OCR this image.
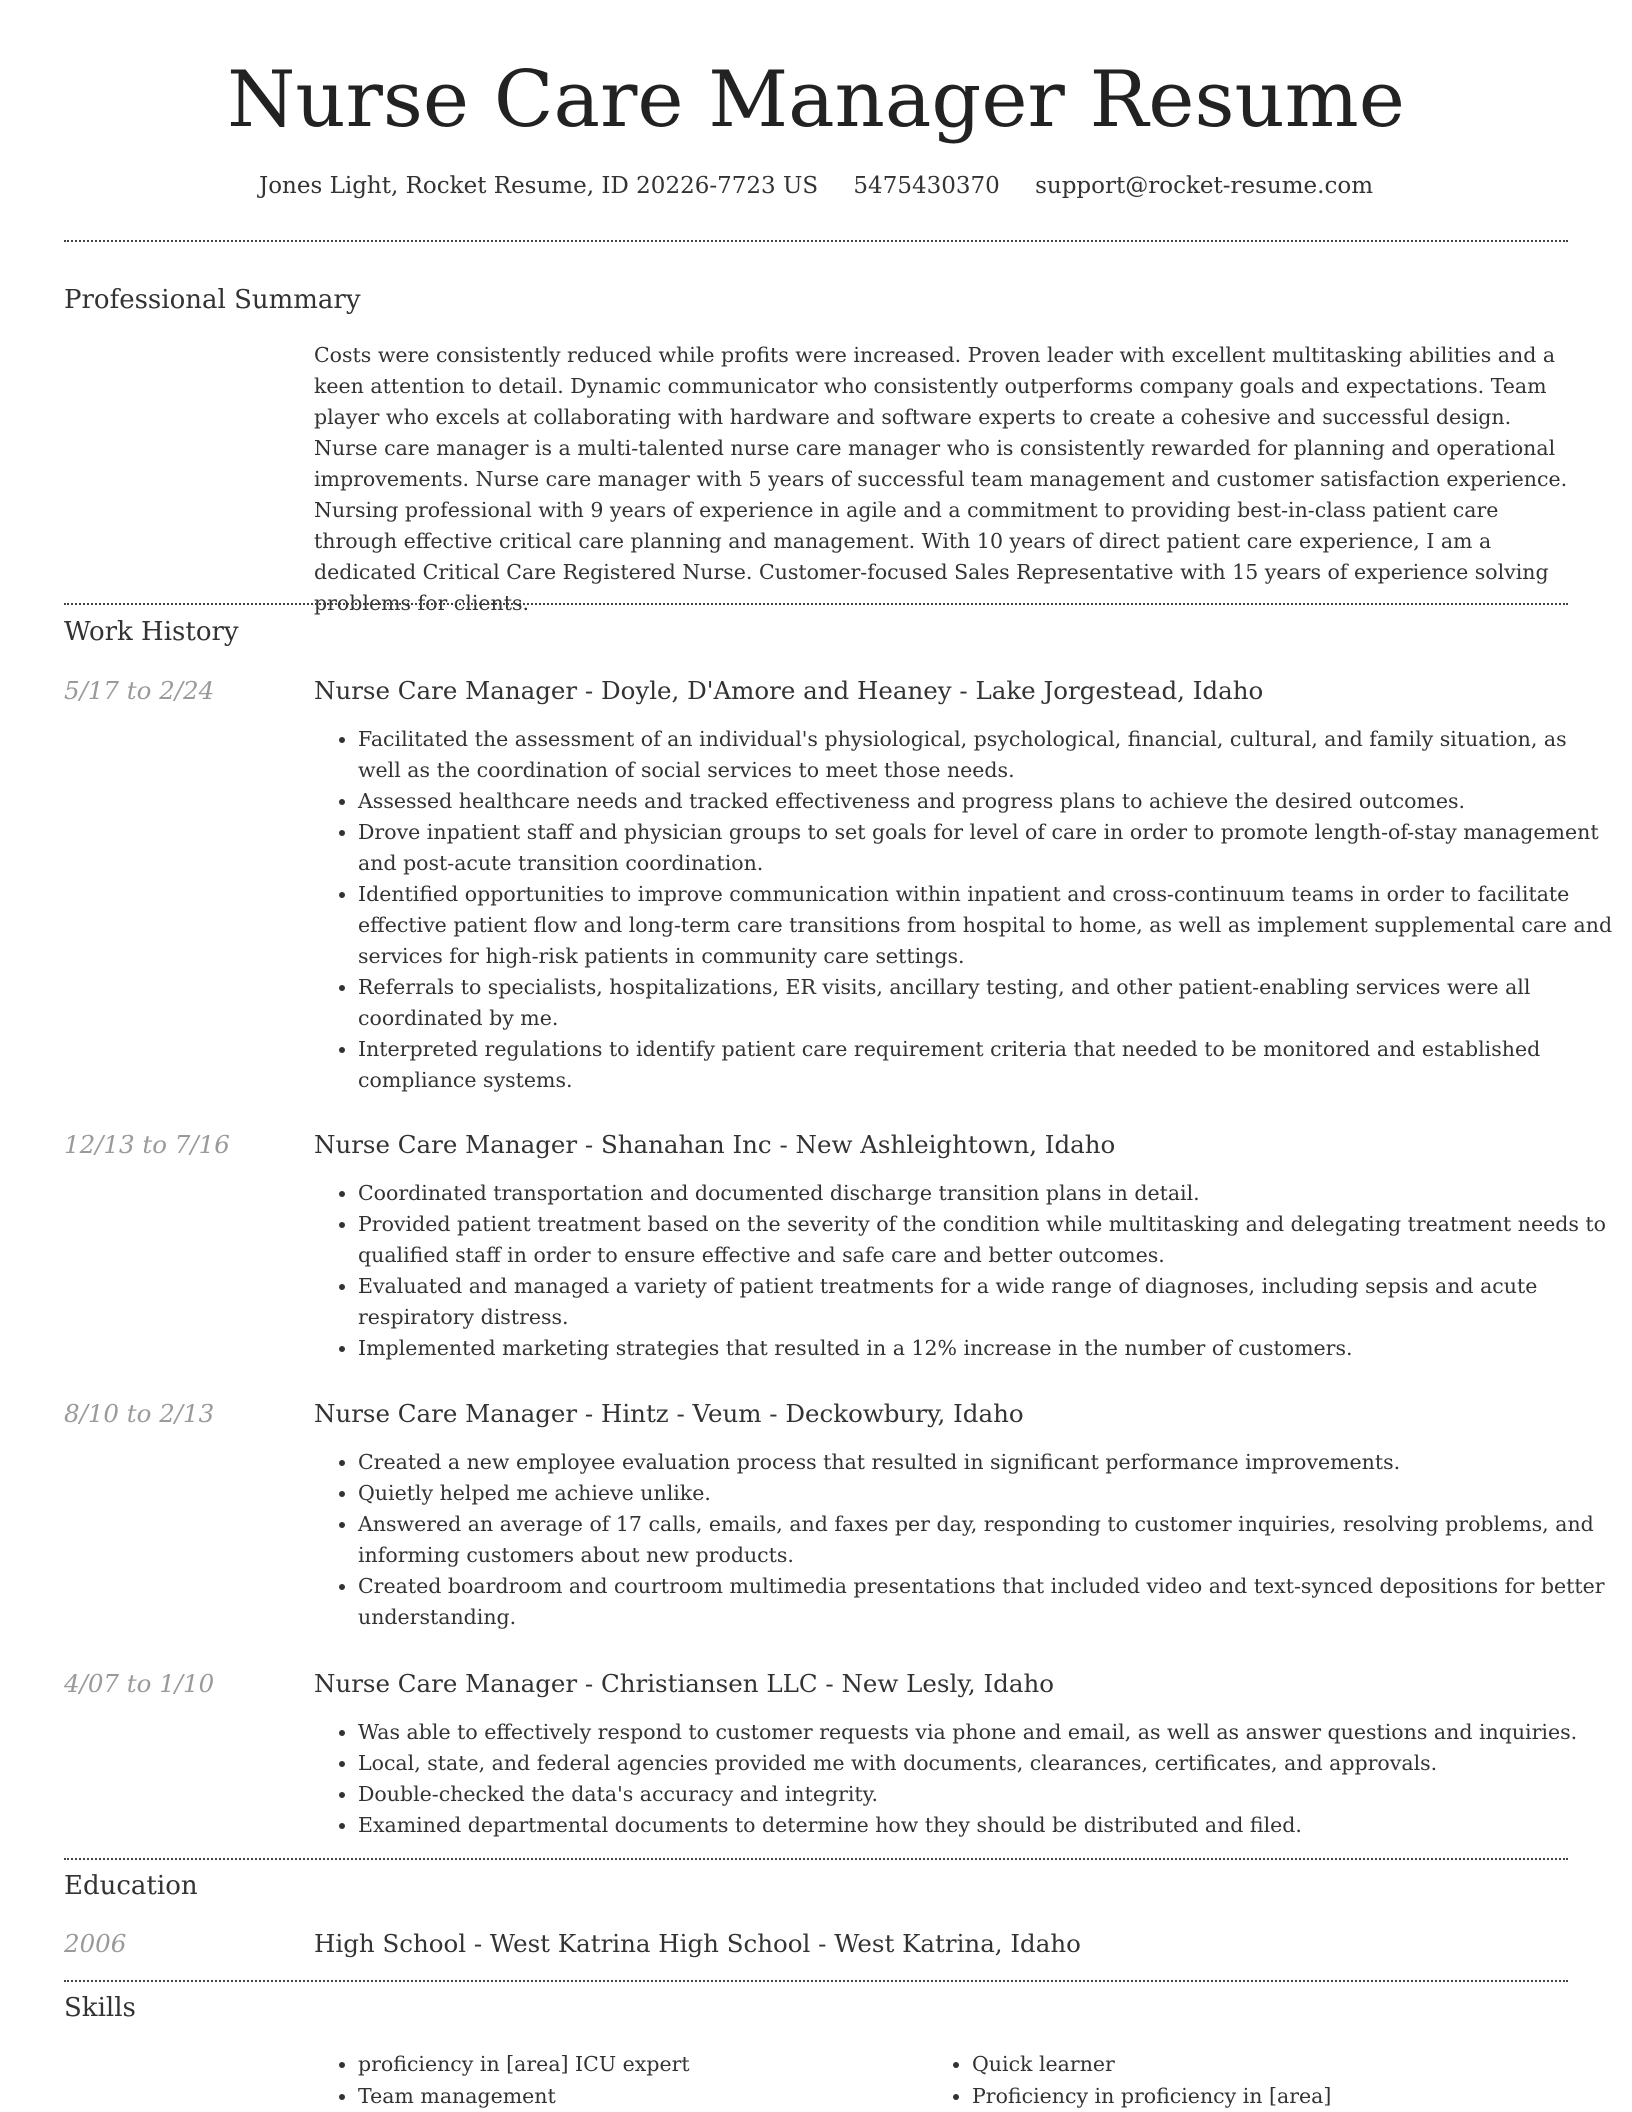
Nurse Care Manager Resume
Jones Light, Rocket Resume, ID 20226-7723 US 5475430370 support@rocket-resume.com
Professional Summary

Costs were consistently reduced while profits were increased. Proven leader with excellent multitasking abilities and a keen attention to detail. Dynamic communicator who consistently outperforms company goals and expectations. Team player who excels at collaborating with hardware and software experts to create a cohesive and successful design. Nurse care manager is a multi-talented nurse care manager who is consistently rewarded for planning and operational improvements. Nurse care manager with 5 years of successful team management and customer satisfaction experience. Nursing professional with 9 years of experience in agile and a commitment to providing best-in-class patient care through effective critical care planning and management. With 10 years of direct patient care experience, I am a dedicated Critical Care Registered Nurse. Customer-focused Sales Representative with 15 years of experience solving problems for clients.

Work History
5/17 to 2/24	Nurse Care Manager - Doyle, D'Amore and Heaney - Lake Jorgestead, Idaho
• Facilitated the assessment of an individual's physiological, psychological, financial, cultural, and family situation, as well as the coordination of social services to meet those needs.
• Assessed healthcare needs and tracked effectiveness and progress plans to achieve the desired outcomes.
• Drove inpatient staff and physician groups to set goals for level of care in order to promote length-of-stay management and post-acute transition coordination.
• Identified opportunities to improve communication within inpatient and cross-continuum teams in order to facilitate effective patient flow and long-term care transitions from hospital to home, as well as implement supplemental care and services for high-risk patients in community care settings.
• Referrals to specialists, hospitalizations, ER visits, ancillary testing, and other patient-enabling services were all coordinated by me.
• Interpreted regulations to identify patient care requirement criteria that needed to be monitored and established compliance systems.
12/13 to 7/16	Nurse Care Manager - Shanahan Inc - New Ashleightown, Idaho
• Coordinated transportation and documented discharge transition plans in detail.
• Provided patient treatment based on the severity of the condition while multitasking and delegating treatment needs to qualified staff in order to ensure effective and safe care and better outcomes.
• Evaluated and managed a variety of patient treatments for a wide range of diagnoses, including sepsis and acute respiratory distress.
• Implemented marketing strategies that resulted in a 12% increase in the number of customers.
8/10 to 2/13	Nurse Care Manager - Hintz - Veum - Deckowbury, Idaho
• Created a new employee evaluation process that resulted in significant performance improvements.
• Quietly helped me achieve unlike.
• Answered an average of 17 calls, emails, and faxes per day, responding to customer inquiries, resolving problems, and informing customers about new products.
• Created boardroom and courtroom multimedia presentations that included video and text-synced depositions for better understanding.
4/07 to 1/10	Nurse Care Manager - Christiansen LLC - New Lesly, Idaho
• Was able to effectively respond to customer requests via phone and email, as well as answer questions and inquiries.
• Local, state, and federal agencies provided me with documents, clearances, certificates, and approvals.
• Double-checked the data's accuracy and integrity.
• Examined departmental documents to determine how they should be distributed and filed.
Education
2006	High School - West Katrina High School - West Katrina, Idaho
Skills
• proficiency in [area] ICU expert
• Team management
• Quick learner
• Proficiency in proficiency in [area]
